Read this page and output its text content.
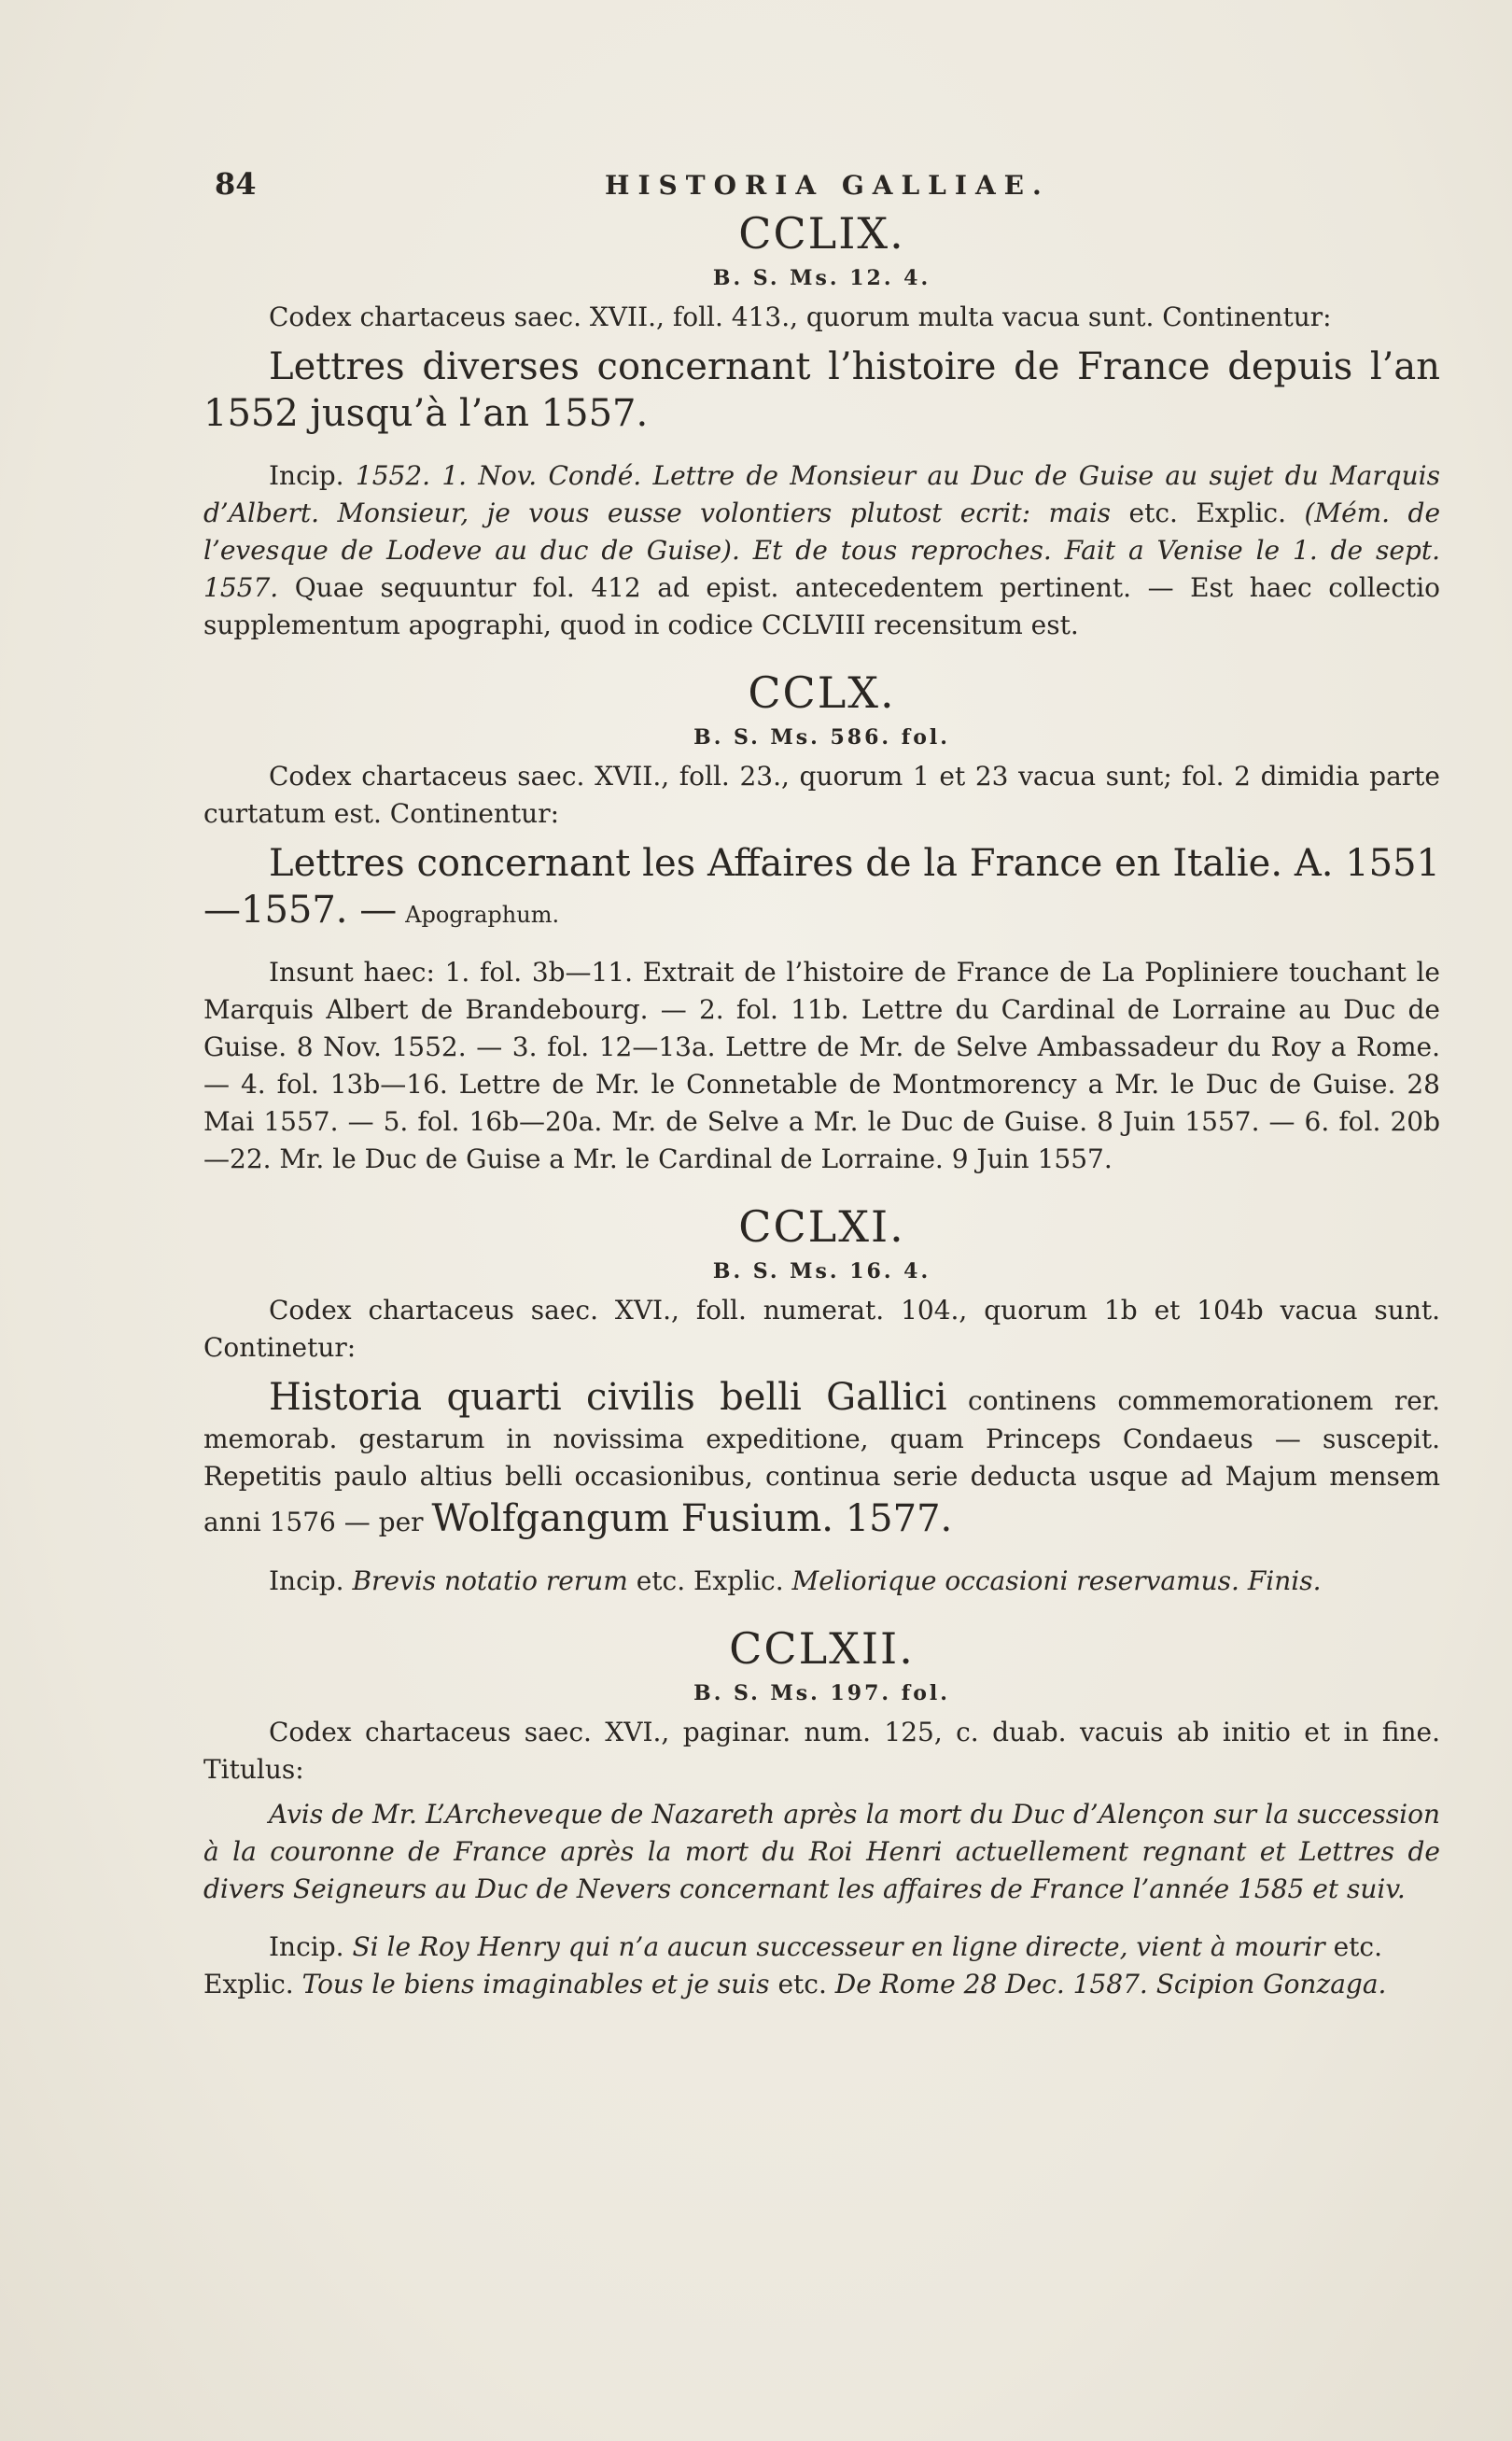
84	HISTORIA GALLIAE.
CCLIX.
B. S. Ms. 12. 4.

Codex chartaceus saec. XVII., foll. 413., quorum multa vacua sunt. Continentur:

Lettres diverses concernant l’histoire de France depuis l’an 1552 jusqu’à l’an 1557.

Incip. 1552. 1. Nov. Condé. Lettre de Monsieur au Duc de Guise au sujet du Marquis d’Albert. Monsieur, je vous eusse volontiers plutost ecrit: mais etc. Explic. (Mém. de l’evesque de Lodeve au duc de Guise). Et de tous reproches. Fait a Venise le 1. de sept. 1557. Quae sequuntur fol. 412 ad epist. antecedentem pertinent. — Est haec collectio supplementum apographi, quod in codice CCLVIII recensitum est.

CCLX.
B. S. Ms. 586. fol.

Codex chartaceus saec. XVII., foll. 23., quorum 1 et 23 vacua sunt; fol. 2 dimidia parte curtatum est. Continentur:

Lettres concernant les Affaires de la France en Italie. A. 1551 —1557. — Apographum.

Insunt haec: 1. fol. 3b—11. Extrait de l’histoire de France de La Popliniere touchant le Marquis Albert de Brandebourg. — 2. fol. 11b. Lettre du Cardinal de Lorraine au Duc de Guise. 8 Nov. 1552. — 3. fol. 12—13a. Lettre de Mr. de Selve Ambassadeur du Roy a Rome. — 4. fol. 13b—16. Lettre de Mr. le Connetable de Montmorency a Mr. le Duc de Guise. 28 Mai 1557. — 5. fol. 16b—20a. Mr. de Selve a Mr. le Duc de Guise. 8 Juin 1557. — 6. fol. 20b—22. Mr. le Duc de Guise a Mr. le Cardinal de Lorraine. 9 Juin 1557.

CCLXI.
B. S. Ms. 16. 4.

Codex chartaceus saec. XVI., foll. numerat. 104., quorum 1b et 104b vacua sunt. Continetur:

Historia quarti civilis belli Gallici continens commemorationem rer. memorab. gestarum in novissima expeditione, quam Princeps Condaeus — suscepit. Repetitis paulo altius belli occasionibus, continua serie deducta usque ad Majum mensem anni 1576 — per Wolfgangum Fusium. 1577.

Incip. Brevis notatio rerum etc. Explic. Meliorique occasioni reservamus. Finis.

CCLXII.
B. S. Ms. 197. fol.

Codex chartaceus saec. XVI., paginar. num. 125, c. duab. vacuis ab initio et in fine. Titulus:

Avis de Mr. L’Archeveque de Nazareth après la mort du Duc d’Alençon sur la succession à la couronne de France après la mort du Roi Henri actuellement regnant et Lettres de divers Seigneurs au Duc de Nevers concernant les affaires de France l’année 1585 et suiv.

Incip. Si le Roy Henry qui n’a aucun successeur en ligne directe, vient à mourir etc.

Explic. Tous le biens imaginables et je suis etc. De Rome 28 Dec. 1587. Scipion Gonzaga.
